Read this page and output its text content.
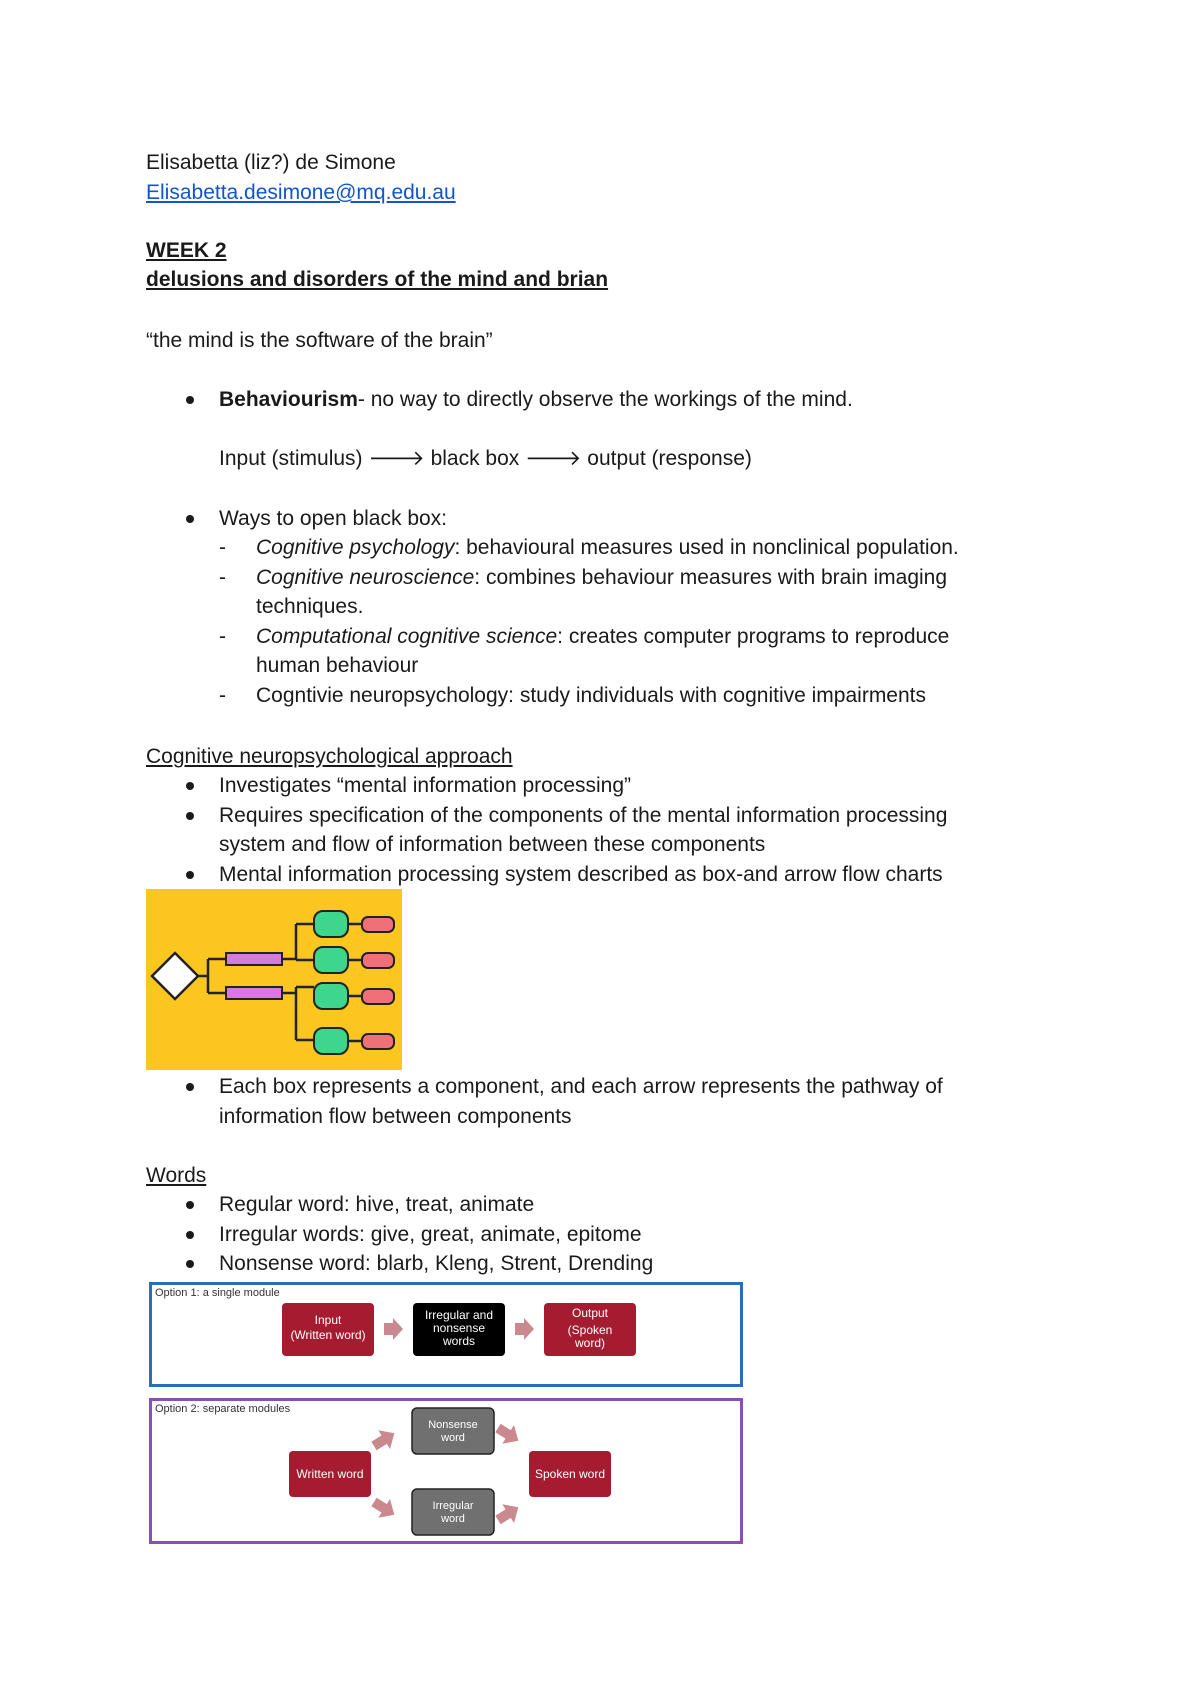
Elisabetta (liz?) de Simone
Elisabetta.desimone@mq.edu.au
WEEK 2
delusions and disorders of the mind and brian
“the mind is the software of the brain”
Behaviourism- no way to directly observe the workings of the mind.
Input (stimulus) 🡒 black box 🡒 output (response)
Ways to open black box:
- Cognitive psychology: behavioural measures used in nonclinical population.
- Cognitive neuroscience: combines behaviour measures with brain imaging
techniques.
- Computational cognitive science: creates computer programs to reproduce
human behaviour
- Cogntivie neuropsychology: study individuals with cognitive impairments
Cognitive neuropsychological approach
Investigates “mental information processing”
Requires specification of the components of the mental information processing
system and flow of information between these components
Mental information processing system described as box-and arrow flow charts
Each box represents a component, and each arrow represents the pathway of
information flow between components
Words
Regular word: hive, treat, animate
Irregular words: give, great, animate, epitome
Nonsense word: blarb, Kleng, Strent, Drending
Option 1: a single module
Input
(Written word)
Irregular and
nonsense
words
Output
(Spoken
word)
Option 2: separate modules
Written word
Nonsense
word
Irregular
word
Spoken word
